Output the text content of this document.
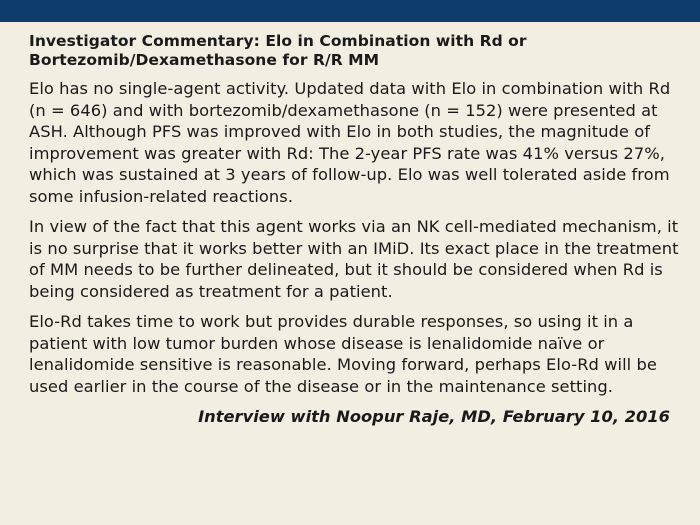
Investigator Commentary: Elo in Combination with Rd or
Bortezomib/Dexamethasone for R/R MM

Elo has no single-agent activity. Updated data with Elo in combination with Rd (n = 646) and with bortezomib/dexamethasone (n = 152) were presented at ASH. Although PFS was improved with Elo in both studies, the magnitude of improvement was greater with Rd: The 2-year PFS rate was 41% versus 27%, which was sustained at 3 years of follow-up. Elo was well tolerated aside from some infusion-related reactions.

In view of the fact that this agent works via an NK cell-mediated mechanism, it is no surprise that it works better with an IMiD. Its exact place in the treatment of MM needs to be further delineated, but it should be considered when Rd is being considered as treatment for a patient.

Elo-Rd takes time to work but provides durable responses, so using it in a patient with low tumor burden whose disease is lenalidomide naïve or lenalidomide sensitive is reasonable. Moving forward, perhaps Elo-Rd will be used earlier in the course of the disease or in the maintenance setting.

Interview with Noopur Raje, MD, February 10, 2016
